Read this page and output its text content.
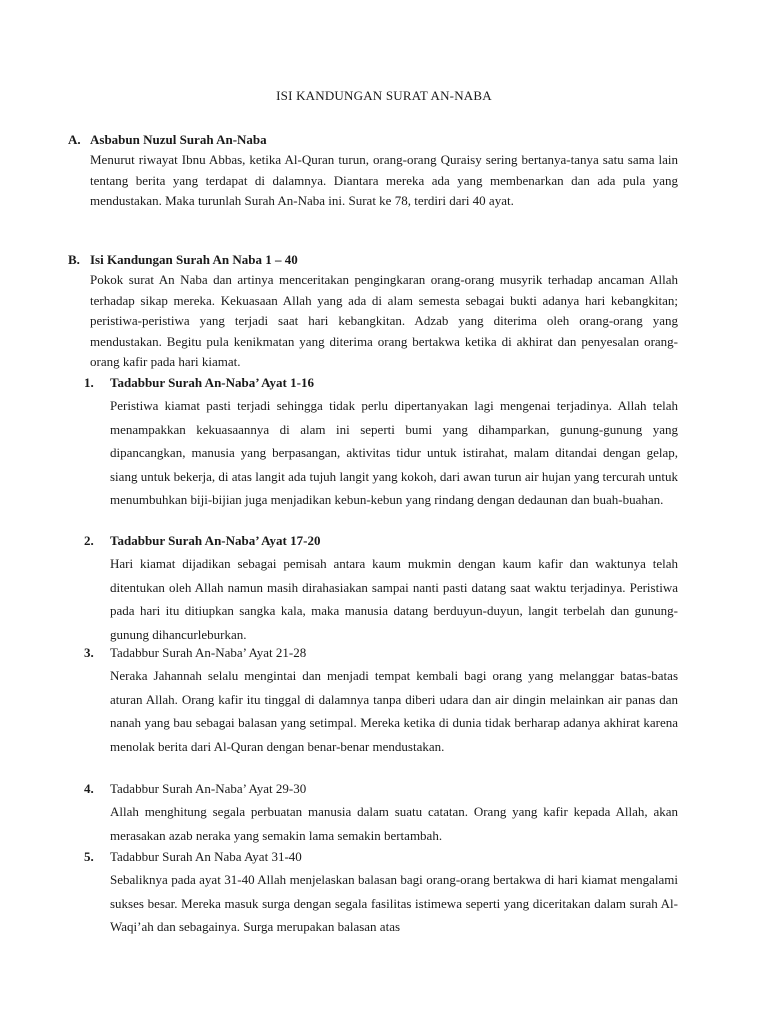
ISI KANDUNGAN SURAT AN-NABA
A. Asbabun Nuzul Surah An-Naba
Menurut riwayat Ibnu Abbas, ketika Al-Quran turun, orang-orang Quraisy sering bertanya-tanya satu sama lain tentang berita yang terdapat di dalamnya. Diantara mereka ada yang membenarkan dan ada pula yang mendustakan. Maka turunlah Surah An-Naba ini. Surat ke 78, terdiri dari 40 ayat.
B. Isi Kandungan Surah An Naba 1 – 40
Pokok surat An Naba dan artinya menceritakan pengingkaran orang-orang musyrik terhadap ancaman Allah terhadap sikap mereka. Kekuasaan Allah yang ada di alam semesta sebagai bukti adanya hari kebangkitan; peristiwa-peristiwa yang terjadi saat hari kebangkitan. Adzab yang diterima oleh orang-orang yang mendustakan. Begitu pula kenikmatan yang diterima orang bertakwa ketika di akhirat dan penyesalan orang-orang kafir pada hari kiamat.
1. Tadabbur Surah An-Naba’ Ayat 1-16
Peristiwa kiamat pasti terjadi sehingga tidak perlu dipertanyakan lagi mengenai terjadinya. Allah telah menampakkan kekuasaannya di alam ini seperti bumi yang dihamparkan, gunung-gunung yang dipancangkan, manusia yang berpasangan, aktivitas tidur untuk istirahat, malam ditandai dengan gelap, siang untuk bekerja, di atas langit ada tujuh langit yang kokoh, dari awan turun air hujan yang tercurah untuk menumbuhkan biji-bijian juga menjadikan kebun-kebun yang rindang dengan dedaunan dan buah-buahan.
2. Tadabbur Surah An-Naba’ Ayat 17-20
Hari kiamat dijadikan sebagai pemisah antara kaum mukmin dengan kaum kafir dan waktunya telah ditentukan oleh Allah namun masih dirahasiakan sampai nanti pasti datang saat waktu terjadinya. Peristiwa pada hari itu ditiupkan sangka kala, maka manusia datang berduyun-duyun, langit terbelah dan gunung-gunung dihancurleburkan.
3. Tadabbur Surah An-Naba’ Ayat 21-28
Neraka Jahannah selalu mengintai dan menjadi tempat kembali bagi orang yang melanggar batas-batas aturan Allah. Orang kafir itu tinggal di dalamnya tanpa diberi udara dan air dingin melainkan air panas dan nanah yang bau sebagai balasan yang setimpal. Mereka ketika di dunia tidak berharap adanya akhirat karena menolak berita dari Al-Quran dengan benar-benar mendustakan.
4. Tadabbur Surah An-Naba’ Ayat 29-30
Allah menghitung segala perbuatan manusia dalam suatu catatan. Orang yang kafir kepada Allah, akan merasakan azab neraka yang semakin lama semakin bertambah.
5. Tadabbur Surah An Naba Ayat 31-40
Sebaliknya pada ayat 31-40 Allah menjelaskan balasan bagi orang-orang bertakwa di hari kiamat mengalami sukses besar. Mereka masuk surga dengan segala fasilitas istimewa seperti yang diceritakan dalam surah Al-Waqi’ah dan sebagainya. Surga merupakan balasan atas
